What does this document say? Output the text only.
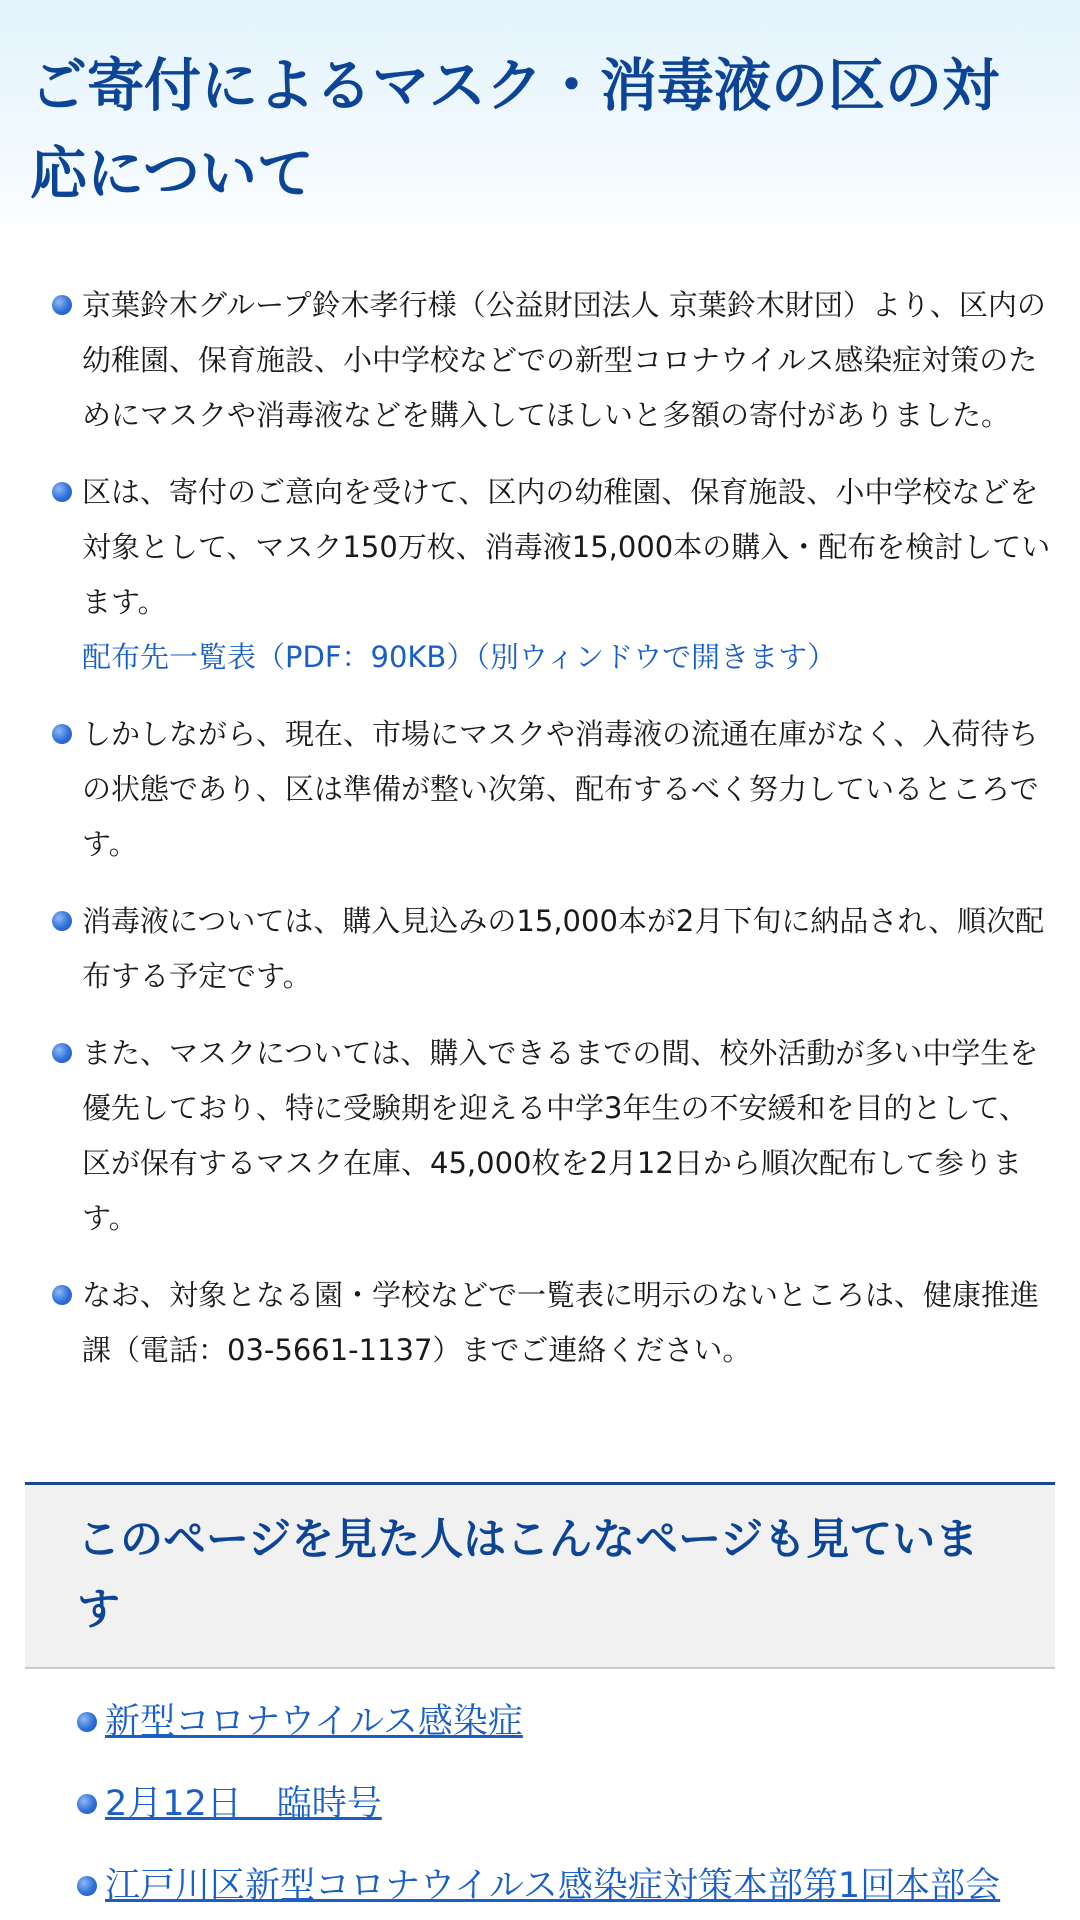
ご寄付によるマスク・消毒液の区の対応について
京葉鈴木グループ鈴木孝行様（公益財団法人 京葉鈴木財団）より、区内の幼稚園、保育施設、小中学校などでの新型コロナウイルス感染症対策のためにマスクや消毒液などを購入してほしいと多額の寄付がありました。
区は、寄付のご意向を受けて、区内の幼稚園、保育施設、小中学校などを対象として、マスク150万枚、消毒液15,000本の購入・配布を検討しています。
配布先一覧表（PDF：90KB）（別ウィンドウで開きます）
しかしながら、現在、市場にマスクや消毒液の流通在庫がなく、入荷待ちの状態であり、区は準備が整い次第、配布するべく努力しているところです。
消毒液については、購入見込みの15,000本が2月下旬に納品され、順次配布する予定です。
また、マスクについては、購入できるまでの間、校外活動が多い中学生を優先しており、特に受験期を迎える中学3年生の不安緩和を目的として、区が保有するマスク在庫、45,000枚を2月12日から順次配布して参ります。
なお、対象となる園・学校などで一覧表に明示のないところは、健康推進課（電話：03-5661-1137）までご連絡ください。
このページを見た人はこんなページも見ています
新型コロナウイルス感染症
2月12日　臨時号
江戸川区新型コロナウイルス感染症対策本部第1回本部会
